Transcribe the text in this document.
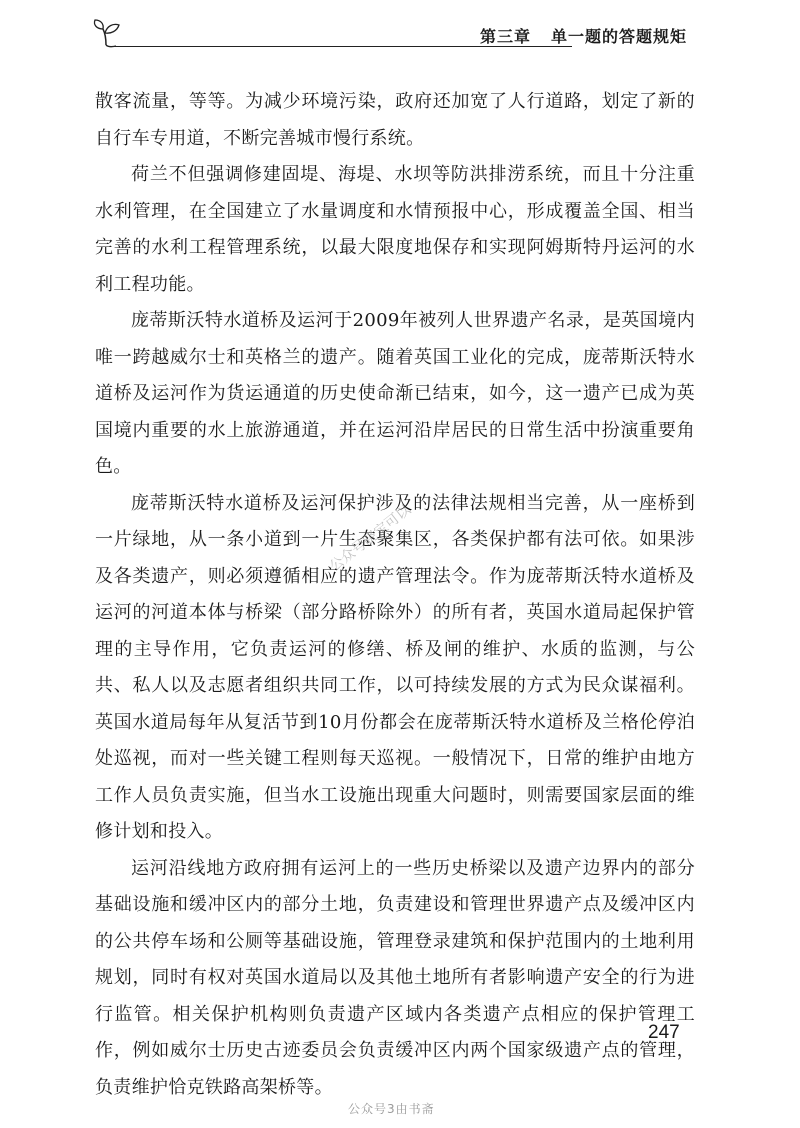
第三章 单一题的答题规矩

散客流量，等等。为减少环境污染，政府还加宽了人行道路，划定了新的自行车专用道，不断完善城市慢行系统。

荷兰不但强调修建固堤、海堤、水坝等防洪排涝系统，而且十分注重水利管理，在全国建立了水量调度和水情预报中心，形成覆盖全国、相当完善的水利工程管理系统，以最大限度地保存和实现阿姆斯特丹运河的水利工程功能。

庞蒂斯沃特水道桥及运河于2009年被列人世界遗产名录，是英国境内唯一跨越威尔士和英格兰的遗产。随着英国工业化的完成，庞蒂斯沃特水道桥及运河作为货运通道的历史使命渐已结束，如今，这一遗产已成为英国境内重要的水上旅游通道，并在运河沿岸居民的日常生活中扮演重要角色。

庞蒂斯沃特水道桥及运河保护涉及的法律法规相当完善，从一座桥到一片绿地，从一条小道到一片生态聚集区，各类保护都有法可依。如果涉及各类遗产，则必须遵循相应的遗产管理法令。作为庞蒂斯沃特水道桥及运河的河道本体与桥梁（部分路桥除外）的所有者，英国水道局起保护管理的主导作用，它负责运河的修缮、桥及闸的维护、水质的监测，与公共、私人以及志愿者组织共同工作，以可持续发展的方式为民众谋福利。英国水道局每年从复活节到10月份都会在庞蒂斯沃特水道桥及兰格伦停泊处巡视，而对一些关键工程则每天巡视。一般情况下，日常的维护由地方工作人员负责实施，但当水工设施出现重大问题时，则需要国家层面的维修计划和投入。

运河沿线地方政府拥有运河上的一些历史桥梁以及遗产边界内的部分基础设施和缓冲区内的部分土地，负责建设和管理世界遗产点及缓冲区内的公共停车场和公厕等基础设施，管理登录建筑和保护范围内的土地利用规划，同时有权对英国水道局以及其他土地所有者影响遗产安全的行为进行监管。相关保护机构则负责遗产区域内各类遗产点相应的保护管理工作，例如威尔士历史古迹委员会负责缓冲区内两个国家级遗产点的管理，负责维护恰克铁路高架桥等。

公众号晓宝可以
247
公众号3由书斋
